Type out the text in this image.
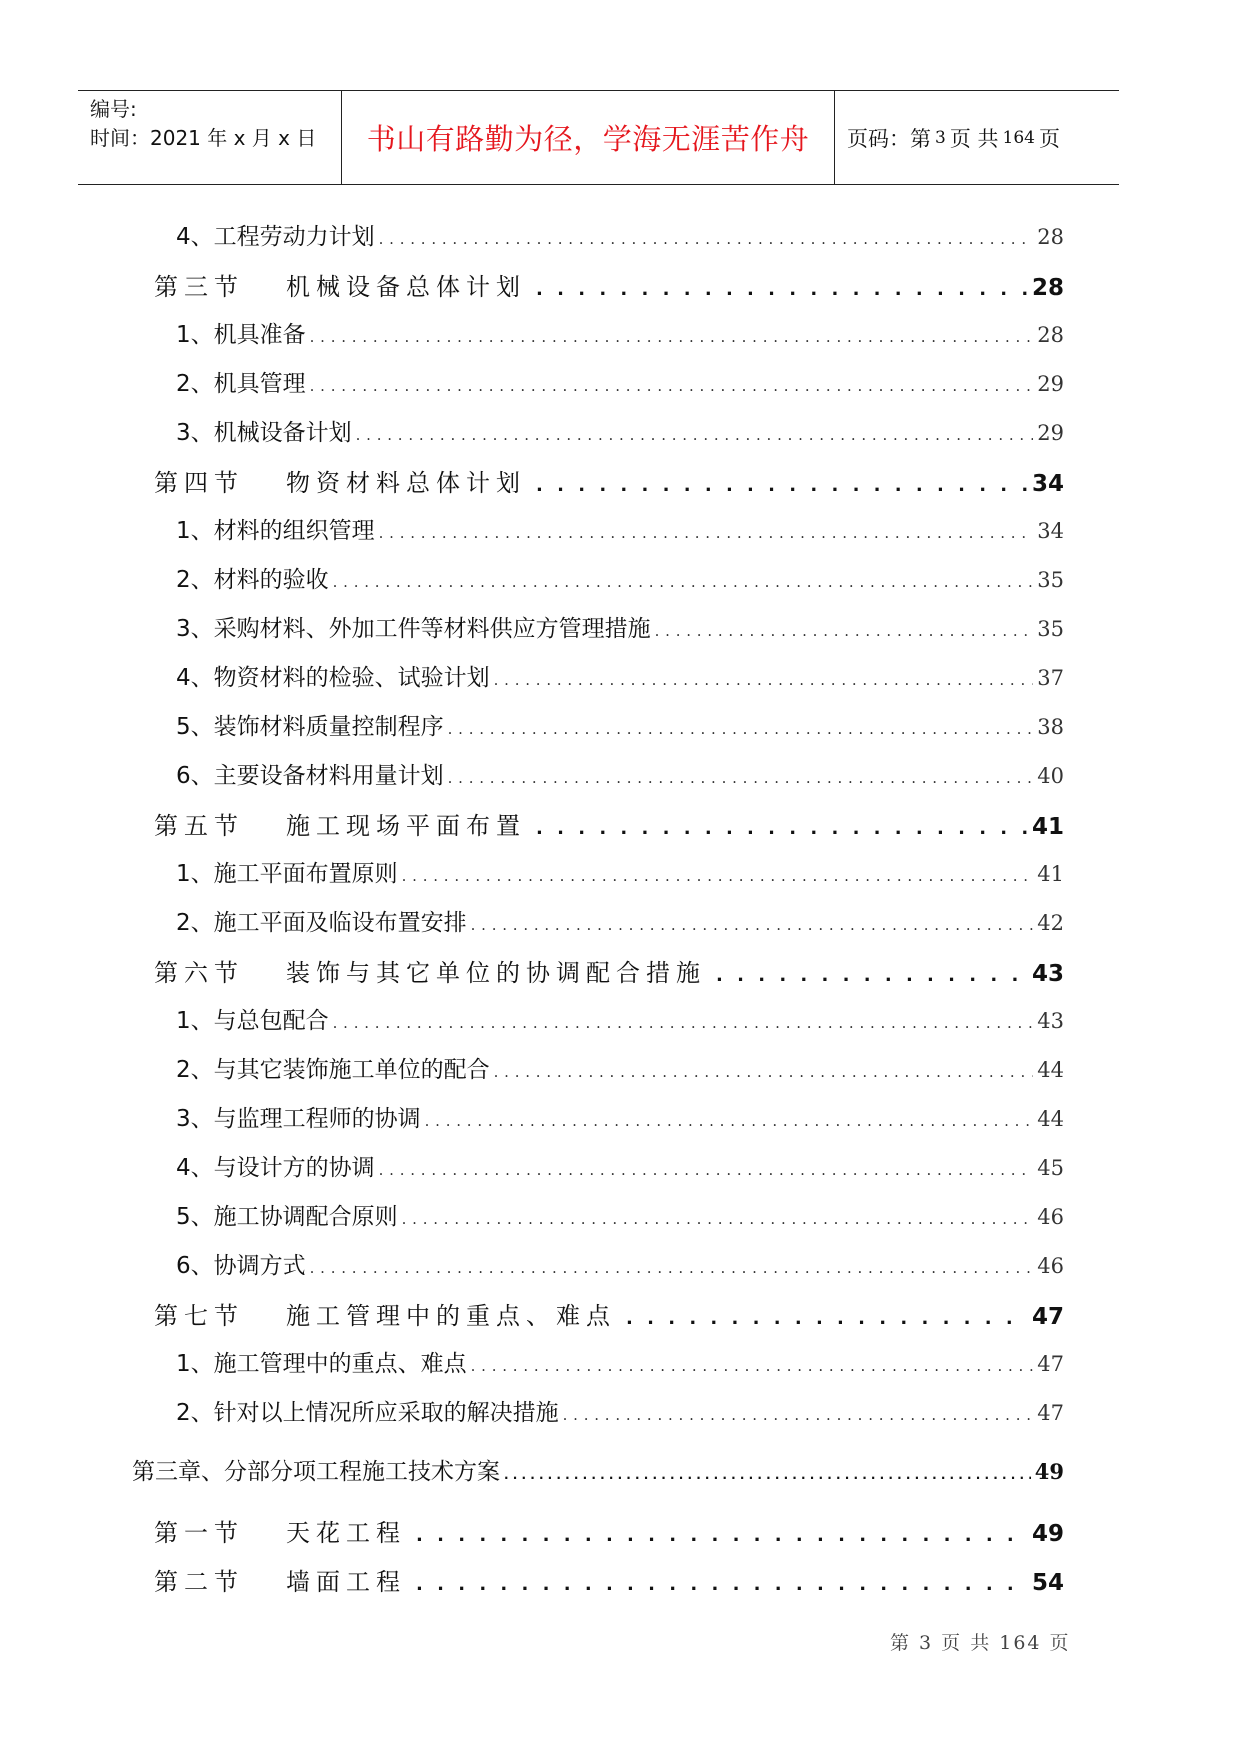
编号:
时间：2021 年 x 月 x 日	书山有路勤为径，学海无涯苦作舟	页码：第 3 页 共 164 页
4、工程劳动力计划 . . .	28
第三节 机械设备总体计划 . . .	28
1、机具准备 . . .	28
2、机具管理 . . .	29
3、机械设备计划 . . .	29
第四节 物资材料总体计划 . . .	34
1、材料的组织管理 . . .	34
2、材料的验收 . . .	35
3、采购材料、外加工件等材料供应方管理措施 . . .	35
4、物资材料的检验、试验计划 . . .	37
5、装饰材料质量控制程序 . . .	38
6、主要设备材料用量计划 . . .	40
第五节 施工现场平面布置 . . .	41
1、施工平面布置原则 . . .	41
2、施工平面及临设布置安排 . . .	42
第六节 装饰与其它单位的协调配合措施 . . .	43
1、与总包配合 . . .	43
2、与其它装饰施工单位的配合 . . .	44
3、与监理工程师的协调 . . .	44
4、与设计方的协调 . . .	45
5、施工协调配合原则 . . .	46
6、协调方式 . . .	46
第七节 施工管理中的重点、难点 . . .	47
1、施工管理中的重点、难点 . . .	47
2、针对以上情况所应采取的解决措施 . . .	47
第三章、分部分项工程施工技术方案 . . .	49
第一节 天花工程 . . .	49
第二节 墙面工程 . . .	54
第 3 页 共 164 页
